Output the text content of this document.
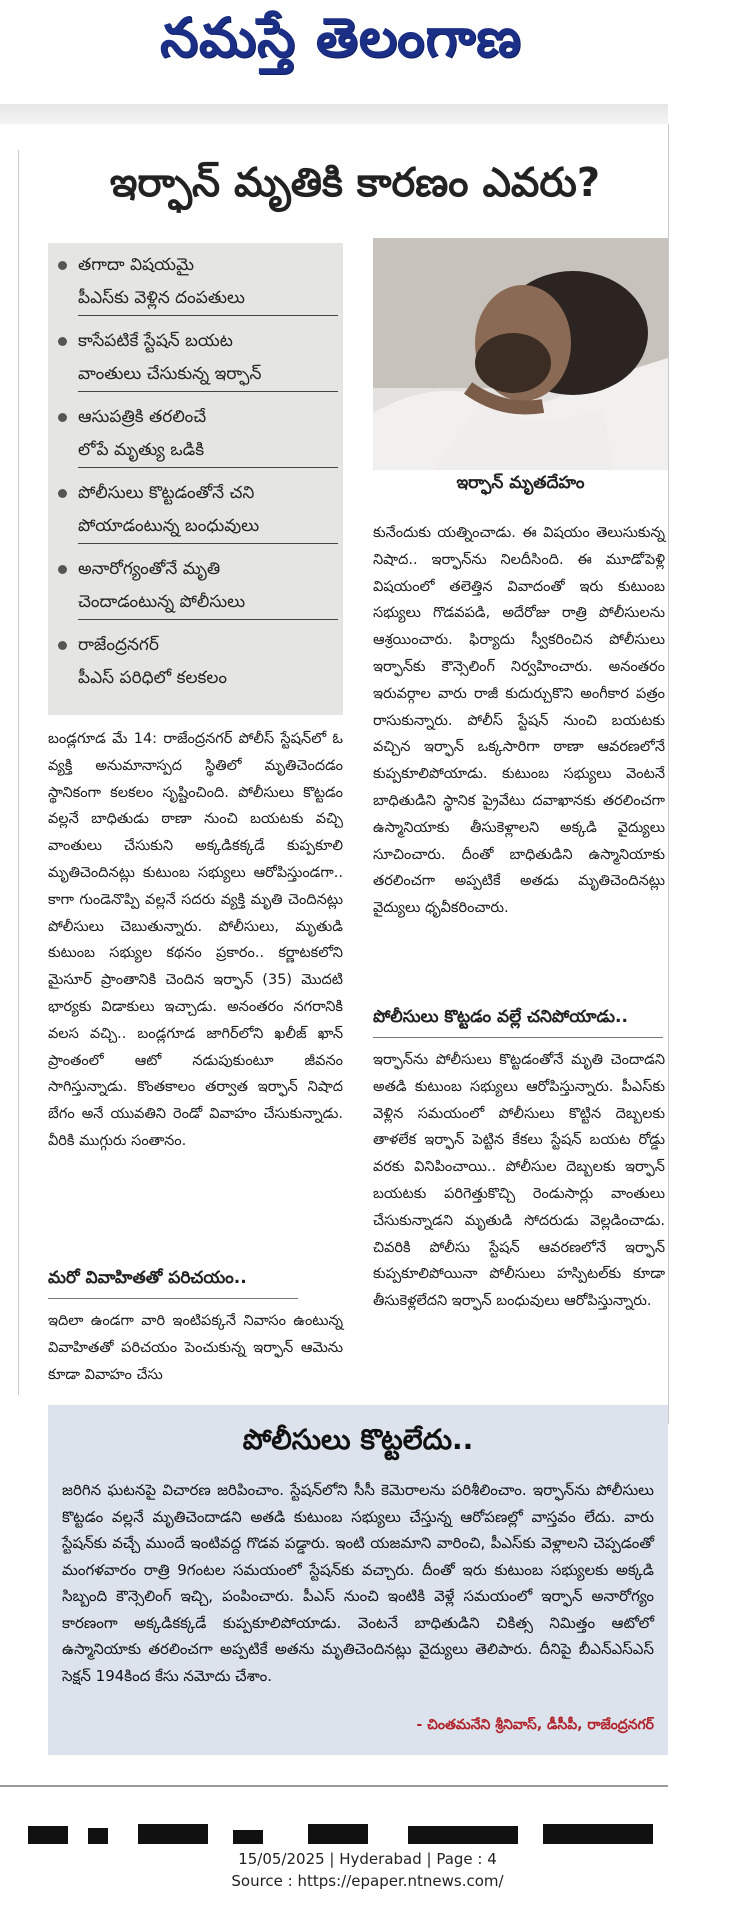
నమస్తే తెలంగాణ
ఇర్ఫాన్ మృతికి కారణం ఎవరు?
తగాదా విషయమై
పీఎస్‌కు వెళ్లిన దంపతులు
కాసేపటికే స్టేషన్ బయట
వాంతులు చేసుకున్న ఇర్ఫాన్
ఆసుపత్రికి తరలించే
లోపే మృత్యు ఒడికి
పోలీసులు కొట్టడంతోనే చని
పోయాడంటున్న బంధువులు
అనారోగ్యంతోనే మృతి
చెందాడంటున్న పోలీసులు
రాజేంద్రనగర్
పీఎస్ పరిధిలో కలకలం
ఇర్ఫాన్ మృతదేహం
బండ్లగూడ మే 14: రాజేంద్రనగర్ పోలీస్ స్టేషన్‌లో ఓ వ్యక్తి అనుమానాస్పద స్థితిలో మృతిచెందడం స్థానికంగా కలకలం సృష్టించింది. పోలీసులు కొట్టడం వల్లనే బాధితుడు ఠాణా నుంచి బయటకు వచ్చి వాంతులు చేసుకుని అక్కడికక్కడే కుప్పకూలి మృతిచెందినట్లు కుటుంబ సభ్యులు ఆరోపిస్తుండగా.. కాగా గుండెనొప్పి వల్లనే సదరు వ్యక్తి మృతి చెందినట్లు పోలీసులు చెబుతున్నారు. పోలీసులు, మృతుడి కుటుంబ సభ్యుల కథనం ప్రకారం.. కర్ణాటకలోని మైసూర్ ప్రాంతానికి చెందిన ఇర్ఫాన్ (35) మొదటి భార్యకు విడాకులు ఇచ్చాడు. అనంతరం నగరానికి వలస వచ్చి.. బండ్లగూడ జాగిర్‌లోని ఖలీజ్ ఖాన్ ప్రాంతంలో ఆటో నడుపుకుంటూ జీవనం సాగిస్తున్నాడు. కొంతకాలం తర్వాత ఇర్ఫాన్ నిషాద బేగం అనే యువతిని రెండో వివాహం చేసుకున్నాడు. వీరికి ముగ్గురు సంతానం.
మరో వివాహితతో పరిచయం..
ఇదిలా ఉండగా వారి ఇంటిపక్కనే నివాసం ఉంటున్న వివాహితతో పరిచయం పెంచుకున్న ఇర్ఫాన్ ఆమెను కూడా వివాహం చేసు
కునేందుకు యత్నించాడు. ఈ విషయం తెలుసుకున్న నిషాద.. ఇర్ఫాన్‌ను నిలదీసింది. ఈ మూడోపెళ్లి విషయంలో తలెత్తిన వివాదంతో ఇరు కుటుంబ సభ్యులు గొడవపడి, అదేరోజు రాత్రి పోలీసులను ఆశ్రయించారు. ఫిర్యాదు స్వీకరించిన పోలీసులు ఇర్ఫాన్‌కు కౌన్సెలింగ్ నిర్వహించారు. అనంతరం ఇరువర్గాల వారు రాజీ కుదుర్చుకొని అంగీకార పత్రం రాసుకున్నారు. పోలీస్ స్టేషన్ నుంచి బయటకు వచ్చిన ఇర్ఫాన్ ఒక్కసారిగా ఠాణా ఆవరణలోనే కుప్పకూలిపోయాడు. కుటుంబ సభ్యులు వెంటనే బాధితుడిని స్థానిక ప్రైవేటు దవాఖానకు తరలించగా ఉస్మానియాకు తీసుకెళ్లాలని అక్కడి వైద్యులు సూచించారు. దీంతో బాధితుడిని ఉస్మానియాకు తరలించగా అప్పటికే అతడు మృతిచెందినట్లు వైద్యులు ధృవీకరించారు.
పోలీసులు కొట్టడం వల్లే చనిపోయాడు..
ఇర్ఫాన్‌ను పోలీసులు కొట్టడంతోనే మృతి చెందాడని అతడి కుటుంబ సభ్యులు ఆరోపిస్తున్నారు. పీఎస్‌కు వెళ్లిన సమయంలో పోలీసులు కొట్టిన దెబ్బలకు తాళలేక ఇర్ఫాన్ పెట్టిన కేకలు స్టేషన్ బయట రోడ్డు వరకు వినిపించాయి.. పోలీసుల దెబ్బలకు ఇర్ఫాన్ బయటకు పరిగెత్తుకొచ్చి రెండుసార్లు వాంతులు చేసుకున్నాడని మృతుడి సోదరుడు వెల్లడించాడు. చివరికి పోలీసు స్టేషన్ ఆవరణలోనే ఇర్ఫాన్ కుప్పకూలిపోయినా పోలీసులు హస్పిటల్‌కు కూడా తీసుకెళ్లలేదని ఇర్ఫాన్ బంధువులు ఆరోపిస్తున్నారు.
పోలీసులు కొట్టలేదు..
జరిగిన ఘటనపై విచారణ జరిపించాం. స్టేషన్‌లోని సీసీ కెమెరాలను పరిశీలించాం. ఇర్ఫాన్‌ను పోలీసులు కొట్టడం వల్లనే మృతిచెందాడని అతడి కుటుంబ సభ్యులు చేస్తున్న ఆరోపణల్లో వాస్తవం లేదు. వారు స్టేషన్‌కు వచ్చే ముందే ఇంటివద్ద గొడవ పడ్డారు. ఇంటి యజమాని వారించి, పీఎస్‌కు వెళ్లాలని చెప్పడంతో మంగళవారం రాత్రి 9గంటల సమయంలో స్టేషన్‌కు వచ్చారు. దీంతో ఇరు కుటుంబ సభ్యులకు అక్కడి సిబ్బంది కౌన్సెలింగ్ ఇచ్చి, పంపించారు. పీఎస్ నుంచి ఇంటికి వెళ్లే సమయంలో ఇర్ఫాన్ అనారోగ్యం కారణంగా అక్కడికక్కడే కుప్పకూలిపోయాడు. వెంటనే బాధితుడిని చికిత్స నిమిత్తం ఆటోలో ఉస్మానియాకు తరలించగా అప్పటికే అతను మృతిచెందినట్లు వైద్యులు తెలిపారు. దీనిపై బీఎన్ఎస్ఎస్ సెక్షన్ 194కింద కేసు నమోదు చేశాం.
- చింతమనేని శ్రీనివాస్, డీసీపీ, రాజేంద్రనగర్
15/05/2025 | Hyderabad | Page : 4
Source : https://epaper.ntnews.com/
